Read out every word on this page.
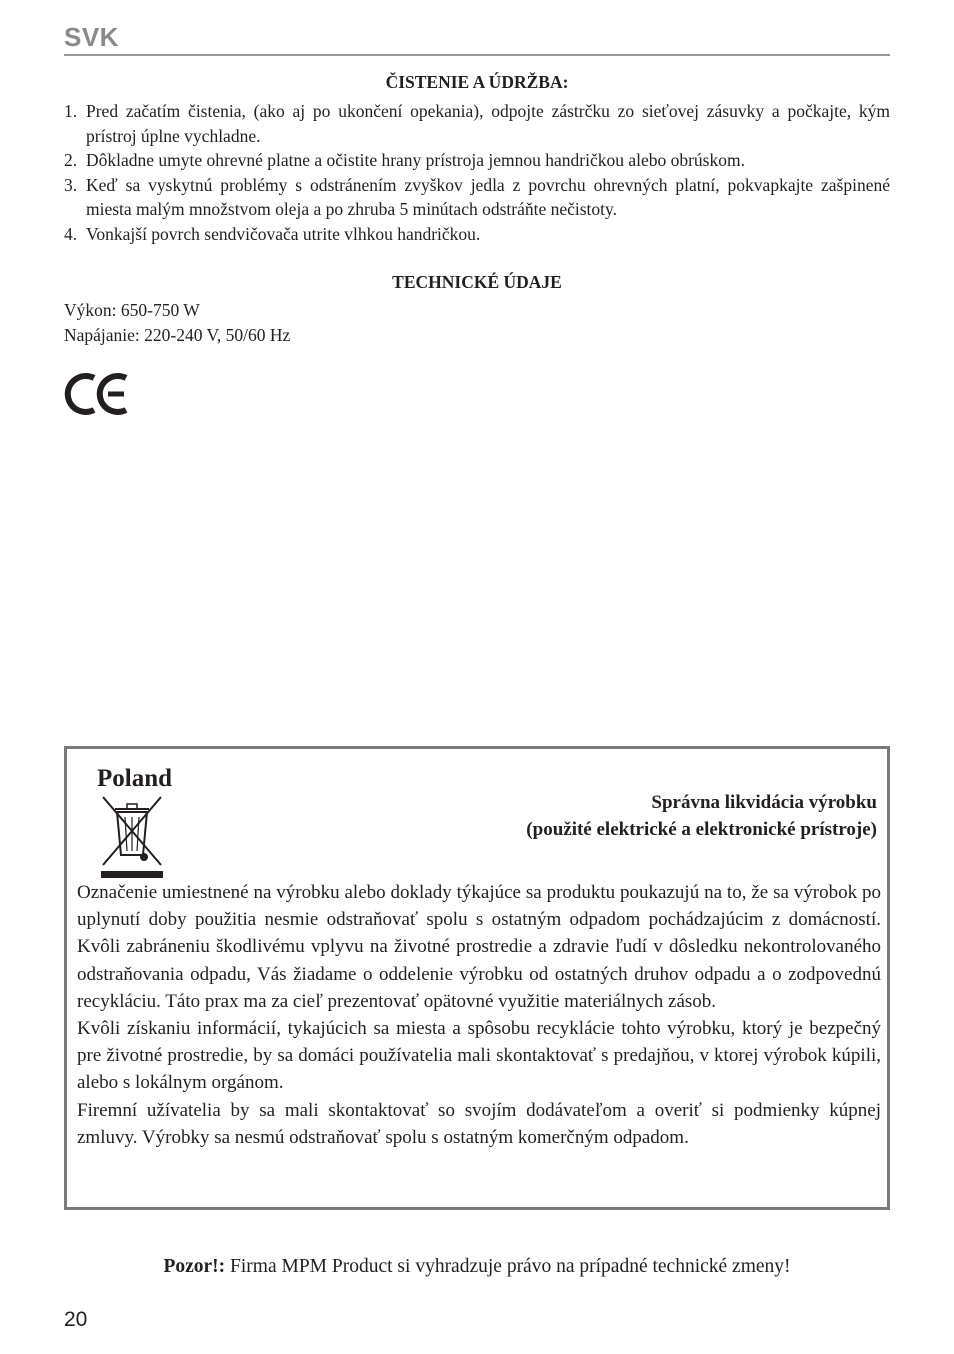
SVK
ČISTENIE A ÚDRŽBA:
1. Pred začatím čistenia, (ako aj po ukončení opekania), odpojte zástrčku zo sieťovej zásuvky a počkajte, kým prístroj úplne vychladne.
2. Dôkladne umyte ohrevné platne a očistite hrany prístroja jemnou handričkou alebo obrúskom.
3. Keď sa vyskytnú problémy s odstránením zvyškov jedla z povrchu ohrevných platní, pokvapkajte zašpinené miesta malým množstvom oleja a po zhruba 5 minútach odstráňte nečistoty.
4. Vonkajší povrch sendvičovača utrite vlhkou handričkou.
TECHNICKÉ ÚDAJE
Výkon: 650-750 W
Napájanie: 220-240 V, 50/60 Hz
Poland
Správna likvidácia výrobku
(použité elektrické a elektronické prístroje)

Označenie umiestnené na výrobku alebo doklady týkajúce sa produktu poukazujú na to, že sa výrobok po uplynutí doby použitia nesmie odstraňovať spolu s ostatným odpadom pochádzajúcim z domácností. Kvôli zabráneniu škodlivému vplyvu na životné prostredie a zdravie ľudí v dôsledku nekontrolovaného odstraňovania odpadu, Vás žiadame o oddelenie výrobku od ostatných druhov odpadu a o zodpovednú recykláciu. Táto prax ma za cieľ prezentovať opätovné využitie materiálnych zásob.

Kvôli získaniu informácií, tykajúcich sa miesta a spôsobu recyklácie tohto výrobku, ktorý je bezpečný pre životné prostredie, by sa domáci používatelia mali skontaktovať s predajňou, v ktorej výrobok kúpili, alebo s lokálnym orgánom.

Firemní užívatelia by sa mali skontaktovať so svojím dodávateľom a overiť si podmienky kúpnej zmluvy. Výrobky sa nesmú odstraňovať spolu s ostatným komerčným odpadom.

Pozor!: Firma MPM Product si vyhradzuje právo na prípadné technické zmeny!
20
